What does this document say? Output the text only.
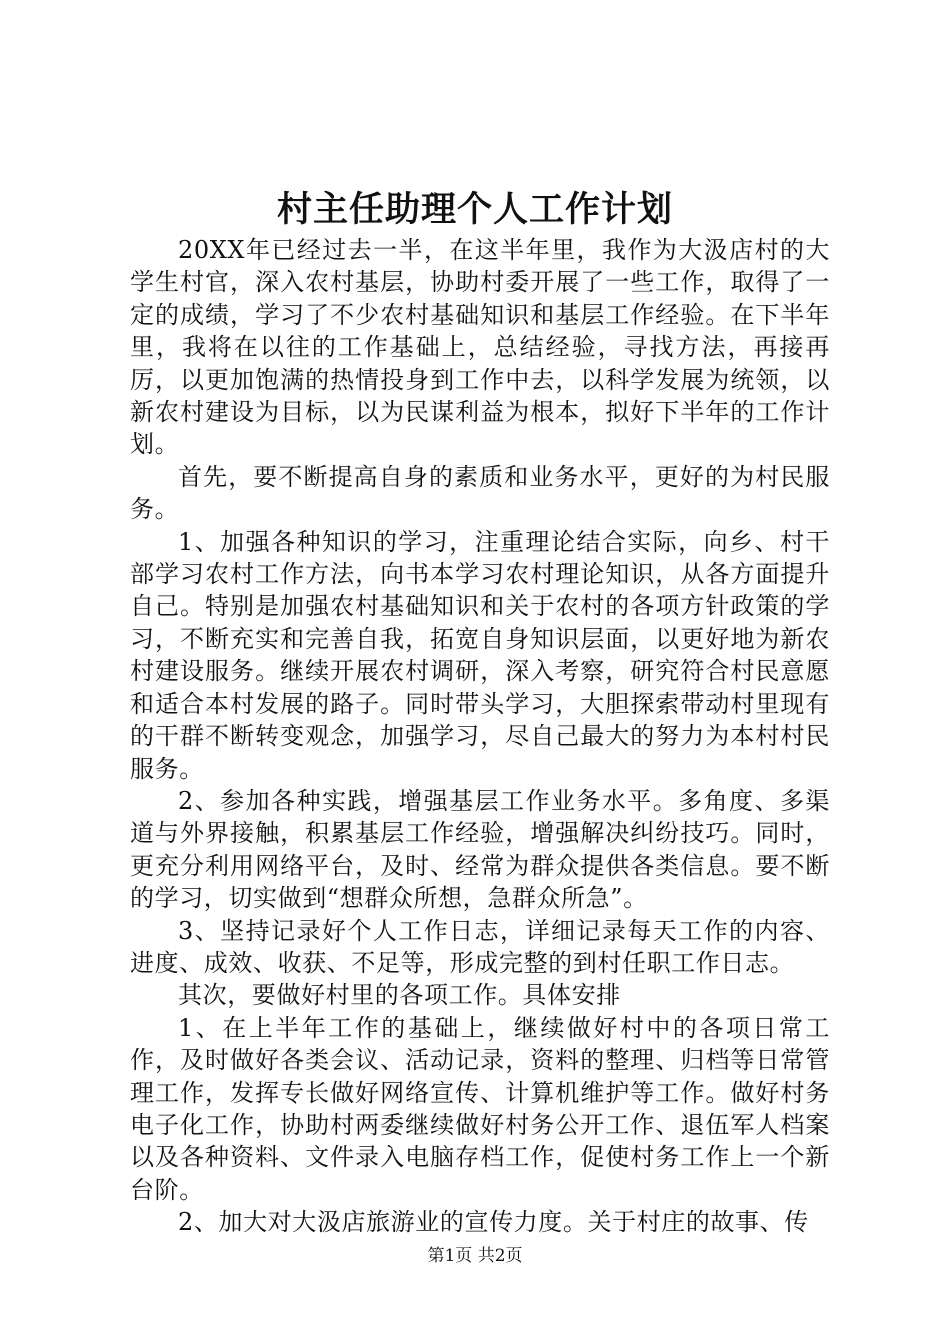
村主任助理个人工作计划

20XX年已经过去一半，在这半年里，我作为大汲店村的大学生村官，深入农村基层，协助村委开展了一些工作，取得了一定的成绩，学习了不少农村基础知识和基层工作经验。在下半年里，我将在以往的工作基础上，总结经验，寻找方法，再接再厉，以更加饱满的热情投身到工作中去，以科学发展为统领，以新农村建设为目标，以为民谋利益为根本，拟好下半年的工作计划。

首先，要不断提高自身的素质和业务水平，更好的为村民服务。

1、加强各种知识的学习，注重理论结合实际，向乡、村干部学习农村工作方法，向书本学习农村理论知识，从各方面提升自己。特别是加强农村基础知识和关于农村的各项方针政策的学习，不断充实和完善自我，拓宽自身知识层面，以更好地为新农村建设服务。继续开展农村调研，深入考察，研究符合村民意愿和适合本村发展的路子。同时带头学习，大胆探索带动村里现有的干群不断转变观念，加强学习，尽自己最大的努力为本村村民服务。

2、参加各种实践，增强基层工作业务水平。多角度、多渠道与外界接触，积累基层工作经验，增强解决纠纷技巧。同时，更充分利用网络平台，及时、经常为群众提供各类信息。要不断的学习，切实做到“想群众所想，急群众所急”。

3、坚持记录好个人工作日志，详细记录每天工作的内容、进度、成效、收获、不足等，形成完整的到村任职工作日志。

其次，要做好村里的各项工作。具体安排

1、在上半年工作的基础上，继续做好村中的各项日常工作，及时做好各类会议、活动记录，资料的整理、归档等日常管理工作，发挥专长做好网络宣传、计算机维护等工作。做好村务电子化工作，协助村两委继续做好村务公开工作、退伍军人档案以及各种资料、文件录入电脑存档工作，促使村务工作上一个新台阶。

2、加大对大汲店旅游业的宣传力度。关于村庄的故事、传

第1页 共2页
